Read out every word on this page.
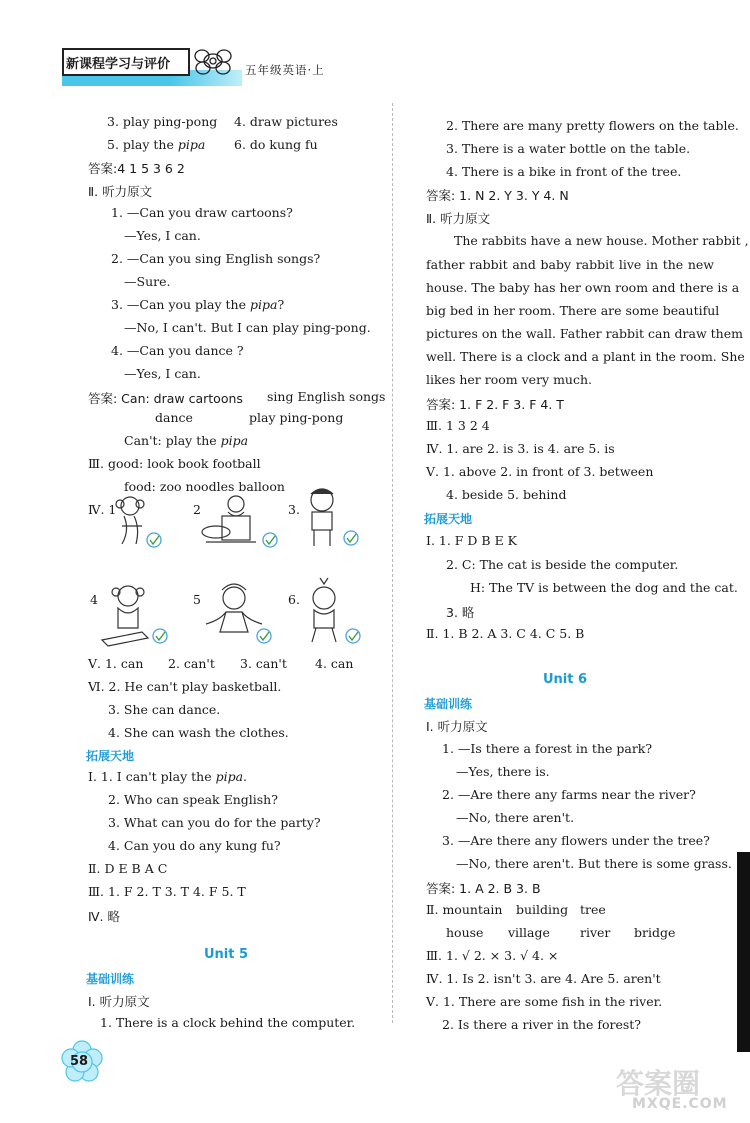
新课程学习与评价	五年级英语·上
3. play ping-pong 4. draw pictures
5. play the pipa 6. do kung fu
答案:4 1 5 3 6 2
Ⅱ. 听力原文
1. —Can you draw cartoons?
—Yes, I can.
2. —Can you sing English songs?
—Sure.
3. —Can you play the pipa?
—No, I can't. But I can play ping-pong.
4. —Can you dance ?
—Yes, I can.
答案: Can: draw cartoons sing English songs
dance	play ping-pong
Can't: play the pipa
Ⅲ. good: look book football
food: zoo noodles balloon
Ⅳ. 1	2	3.
4	5	6.
Ⅴ. 1. can 2. can't 3. can't 4. can
Ⅵ. 2. He can't play basketball.
3. She can dance.
4. She can wash the clothes.
拓展天地
Ⅰ. 1. I can't play the pipa.
2. Who can speak English?
3. What can you do for the party?
4. Can you do any kung fu?
Ⅱ. D E B A C
Ⅲ. 1. F 2. T 3. T 4. F 5. T
Ⅳ. 略
Unit 5
基础训练
Ⅰ. 听力原文
1. There is a clock behind the computer.
2. There are many pretty flowers on the table.
3. There is a water bottle on the table.
4. There is a bike in front of the tree.
答案: 1. N 2. Y 3. Y 4. N
Ⅱ. 听力原文
The rabbits have a new house. Mother rabbit ,
father rabbit and baby rabbit live in the new
house. The baby has her own room and there is a
big bed in her room. There are some beautiful
pictures on the wall. Father rabbit can draw them
well. There is a clock and a plant in the room. She
likes her room very much.
答案: 1. F 2. F 3. F 4. T
Ⅲ. 1 3 2 4
Ⅳ. 1. are 2. is 3. is 4. are 5. is
Ⅴ. 1. above 2. in front of 3. between
4. beside 5. behind
拓展天地
Ⅰ. 1. F D B E K
2. C: The cat is beside the computer.
H: The TV is between the dog and the cat.
3. 略
Ⅱ. 1. B 2. A 3. C 4. C 5. B
Unit 6
基础训练
Ⅰ. 听力原文
1. —Is there a forest in the park?
—Yes, there is.
2. —Are there any farms near the river?
—No, there aren't.
3. —Are there any flowers under the tree?
—No, there aren't. But there is some grass.
答案: 1. A 2. B 3. B
Ⅱ. mountain building tree
house village river bridge
Ⅲ. 1. √ 2. × 3. √ 4. ×
Ⅳ. 1. Is 2. isn't 3. are 4. Are 5. aren't
Ⅴ. 1. There are some fish in the river.
2. Is there a river in the forest?
58
答案圈
MXQE.COM
